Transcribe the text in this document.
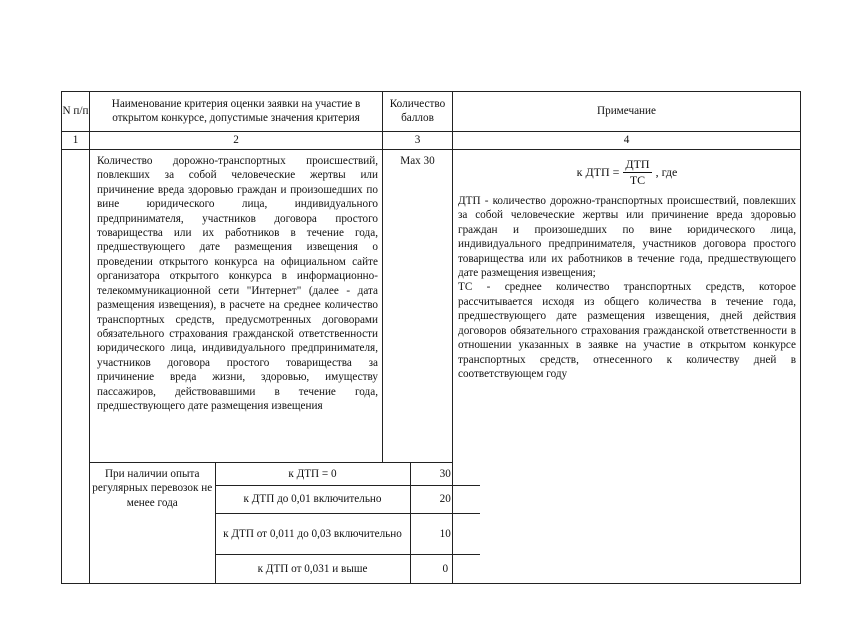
N п/п	Наименование критерия оценки заявки на участие в открытом конкурсе, допустимые значения критерия	Количество баллов	Примечание
1	2	3	4
	Количество дорожно-транспортных происшествий, повлекших за собой человеческие жертвы или причинение вреда здоровью граждан и произошедших по вине юридического лица, индивидуального предпринимателя, участников договора простого товарищества или их работников в течение года, предшествующего дате размещения извещения о проведении открытого конкурса на официальном сайте организатора открытого конкурса в информационно-телекоммуникационной сети "Интернет" (далее - дата размещения извещения), в расчете на среднее количество транспортных средств, предусмотренных договорами обязательного страхования гражданской ответственности юридического лица, индивидуального предпринимателя, участников договора простого товарищества за причинение вреда жизни, здоровью, имуществу пассажиров, действовавшими в течение года, предшествующего дате размещения извещения	Max 30	
к ДТП = $\frac{\text{ДТП}}{ТС}$ , где
ДТП - количество дорожно-транспортных происшествий, повлекших за собой человеческие жертвы или причинение вреда здоровью граждан и произошедших по вине юридического лица, индивидуального предпринимателя, участников договора простого товарищества или их работников в течение года, предшествующего дате размещения извещения;
ТС - среднее количество транспортных средств, которое рассчитывается исходя из общего количества в течение года, предшествующего дате размещения извещения, дней действия договоров обязательного страхования гражданской ответственности в отношении указанных в заявке на участие в открытом конкурсе транспортных средств, отнесенного к количеству дней в соответствующем году

При наличии опыта регулярных перевозок не менее года	к ДТП = 0	30
к ДТП до 0,01 включительно	20
к ДТП от 0,011 до 0,03 включительно	10
к ДТП от 0,031 и выше	0
